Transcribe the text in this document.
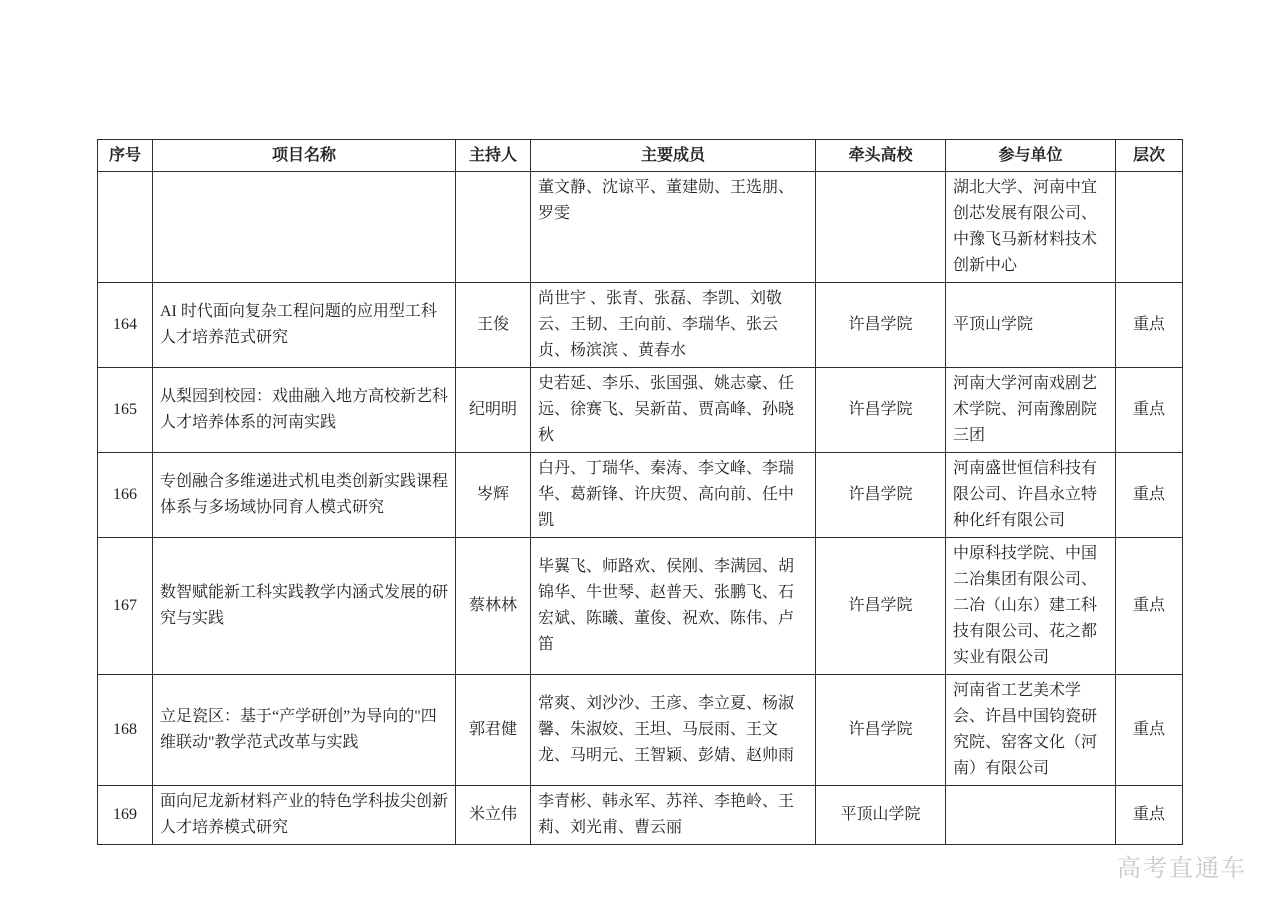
序号	项目名称	主持人	主要成员	牵头高校	参与单位	层次
			董文静、沈谅平、董建勋、王选朋、罗雯		湖北大学、河南中宜创芯发展有限公司、中豫飞马新材料技术创新中心	
164	AI 时代面向复杂工程问题的应用型工科人才培养范式研究	王俊	尚世宇 、张青、张磊、李凯、刘敬云、王韧、王向前、李瑞华、张云贞、杨滨滨 、黄春水	许昌学院	平顶山学院	重点
165	从梨园到校园：戏曲融入地方高校新艺科人才培养体系的河南实践	纪明明	史若延、李乐、张国强、姚志豪、任远、徐赛飞、吴新苗、贾高峰、孙晓秋	许昌学院	河南大学河南戏剧艺术学院、河南豫剧院三团	重点
166	专创融合多维递进式机电类创新实践课程体系与多场域协同育人模式研究	岑辉	白丹、丁瑞华、秦涛、李文峰、李瑞华、葛新锋、许庆贺、高向前、任中凯	许昌学院	河南盛世恒信科技有限公司、许昌永立特种化纤有限公司	重点
167	数智赋能新工科实践教学内涵式发展的研究与实践	蔡林林	毕翼飞、师路欢、侯刚、李满园、胡锦华、牛世琴、赵普天、张鹏飞、石宏斌、陈曦、董俊、祝欢、陈伟、卢笛	许昌学院	中原科技学院、中国二冶集团有限公司、二冶（山东）建工科技有限公司、花之都实业有限公司	重点
168	立足瓷区：基于“产学研创”为导向的"四维联动"教学范式改革与实践	郭君健	常爽、刘沙沙、王彦、李立夏、杨淑馨、朱淑姣、王坦、马辰雨、王文龙、马明元、王智颖、彭婧、赵帅雨	许昌学院	河南省工艺美术学会、许昌中国钧瓷研究院、窑客文化（河南）有限公司	重点
169	面向尼龙新材料产业的特色学科拔尖创新人才培养模式研究	米立伟	李青彬、韩永军、苏祥、李艳岭、王莉、刘光甫、曹云丽	平顶山学院		重点
高考直通车
